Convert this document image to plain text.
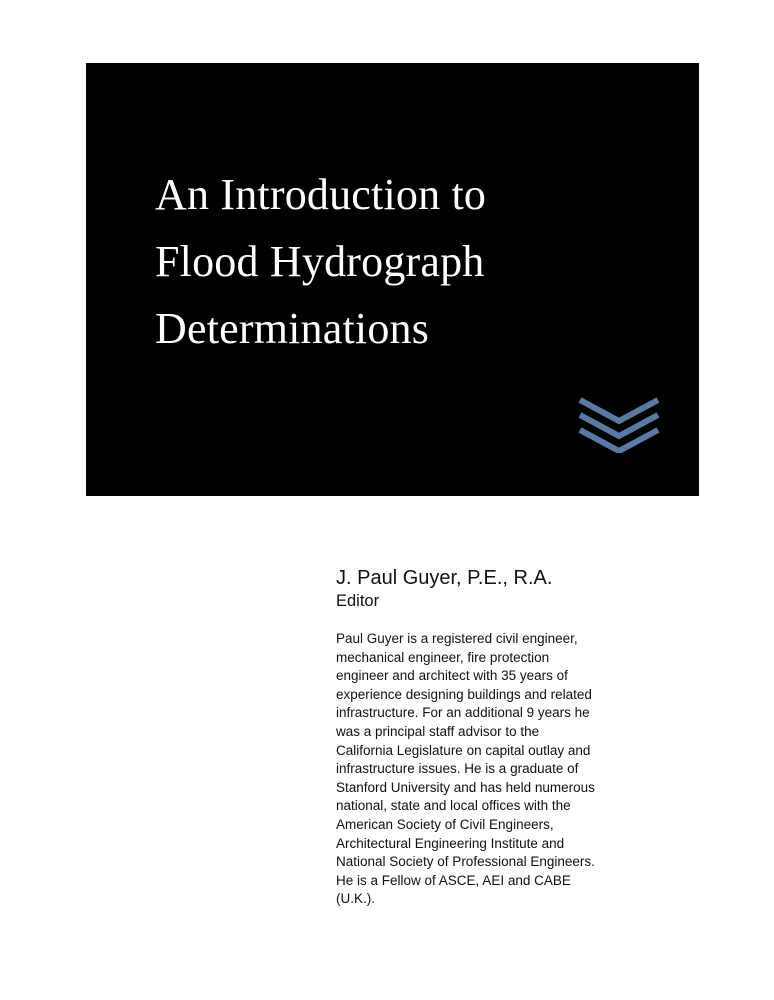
An Introduction to
Flood Hydrograph
Determinations

J. Paul Guyer, P.E., R.A.

Editor

Paul Guyer is a registered civil engineer,
mechanical engineer, fire protection
engineer and architect with 35 years of
experience designing buildings and related
infrastructure. For an additional 9 years he
was a principal staff advisor to the
California Legislature on capital outlay and
infrastructure issues. He is a graduate of
Stanford University and has held numerous
national, state and local offices with the
American Society of Civil Engineers,
Architectural Engineering Institute and
National Society of Professional Engineers.
He is a Fellow of ASCE, AEI and CABE
(U.K.).
